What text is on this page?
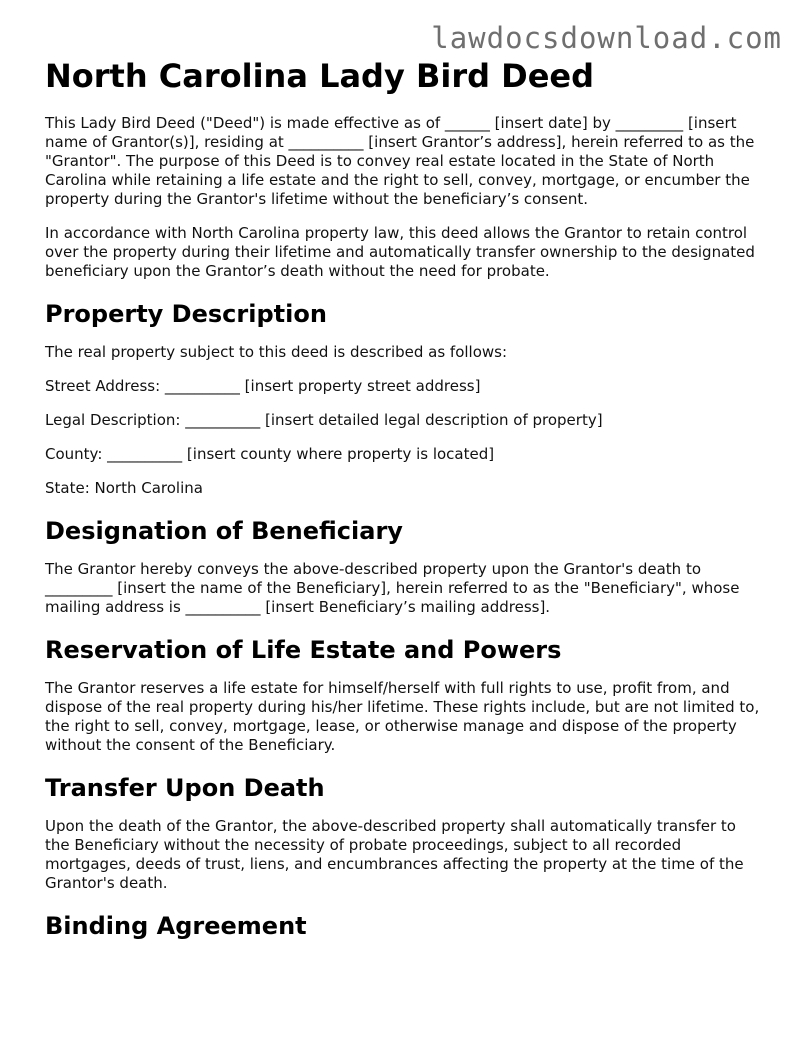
lawdocsdownload.com
North Carolina Lady Bird Deed

This Lady Bird Deed ("Deed") is made effective as of ______ [insert date] by _________ [insert name of Grantor(s)], residing at __________ [insert Grantor’s address], herein referred to as the "Grantor". The purpose of this Deed is to convey real estate located in the State of North Carolina while retaining a life estate and the right to sell, convey, mortgage, or encumber the property during the Grantor's lifetime without the beneficiary’s consent.

In accordance with North Carolina property law, this deed allows the Grantor to retain control over the property during their lifetime and automatically transfer ownership to the designated beneficiary upon the Grantor’s death without the need for probate.

Property Description

The real property subject to this deed is described as follows:

Street Address: __________ [insert property street address]

Legal Description: __________ [insert detailed legal description of property]

County: __________ [insert county where property is located]

State: North Carolina

Designation of Beneficiary

The Grantor hereby conveys the above-described property upon the Grantor's death to _________ [insert the name of the Beneficiary], herein referred to as the "Beneficiary", whose mailing address is __________ [insert Beneficiary’s mailing address].

Reservation of Life Estate and Powers

The Grantor reserves a life estate for himself/herself with full rights to use, profit from, and dispose of the real property during his/her lifetime. These rights include, but are not limited to, the right to sell, convey, mortgage, lease, or otherwise manage and dispose of the property without the consent of the Beneficiary.

Transfer Upon Death

Upon the death of the Grantor, the above-described property shall automatically transfer to the Beneficiary without the necessity of probate proceedings, subject to all recorded mortgages, deeds of trust, liens, and encumbrances affecting the property at the time of the Grantor's death.

Binding Agreement
